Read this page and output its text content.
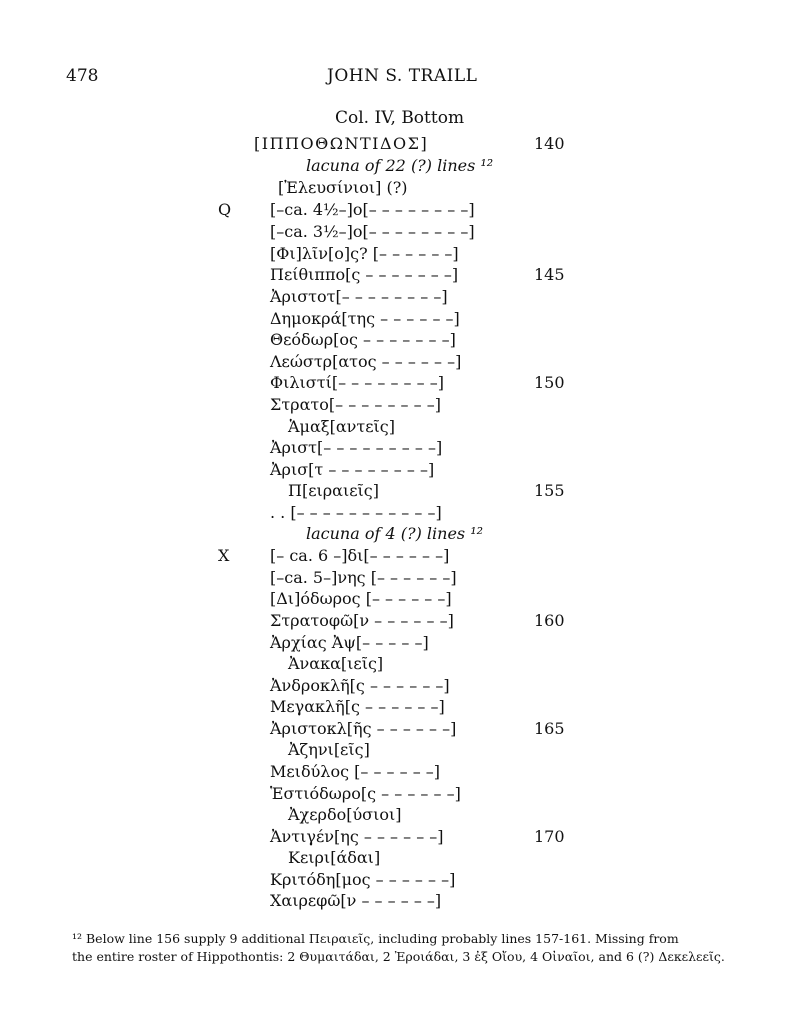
478	JOHN S. TRAILL
Col. IV, Bottom
[ΙΠΠΟΘΩΝΤΙΔΟΣ]	140
lacuna of 22 (?) lines ¹²
[Ἐλευσίνιοι] (?)
Q [–ca. 4½–]ο[– – – – – – – –]
[–ca. 3½–]ο[– – – – – – – –]
[Φι]λῖν[ο]ς? [– – – – – –]
Πείθιππο[ς – – – – – – –]	145
Ἀριστοτ[– – – – – – – –]
Δημοκρά[της – – – – – –]
Θεόδωρ[ος – – – – – – –]
Λεώστρ[ατος – – – – – –]
Φιλιστί[– – – – – – – –]	150
Στρατο[– – – – – – – –]
Ἁμαξ[αντεῖς]
Ἀριστ[– – – – – – – – –]
Ἀρισ[τ – – – – – – – –]
Π[ειραιεῖς]	155
. . [– – – – – – – – – – –]
lacuna of 4 (?) lines ¹²
X	[– ca. 6 –]δι[– – – – – –]
[–ca. 5–]νης [– – – – – –]
[Δι]όδωρος [– – – – – –]
Στρατοφῶ[ν – – – – – –]	160
Ἀρχίας Ἀψ[– – – – –]
Ἀνακα[ιεῖς]
Ἀνδροκλῆ[ς – – – – – –]
Μεγακλῆ[ς – – – – – –]
Ἀριστοκλ[ῆς – – – – – –]	165
Ἀζηνι[εῖς]
Μειδύλος [– – – – – –]
Ἑστιόδωρο[ς – – – – – –]
Ἀχερδο[ύσιοι]
Ἀντιγέν[ης – – – – – –]	170
Κειρι[άδαι]
Κριτόδη[μος – – – – – –]
Χαιρεφῶ[ν – – – – – –]

¹² Below line 156 supply 9 additional Πειραιεῖς, including probably lines 157-161. Missing from

the entire roster of Hippothontis: 2 Θυμαιτάδαι, 2 Ἐροιάδαι, 3 ἐξ Οἴου, 4 Οἰναῖοι, and 6 (?) Δεκελεεῖς.
